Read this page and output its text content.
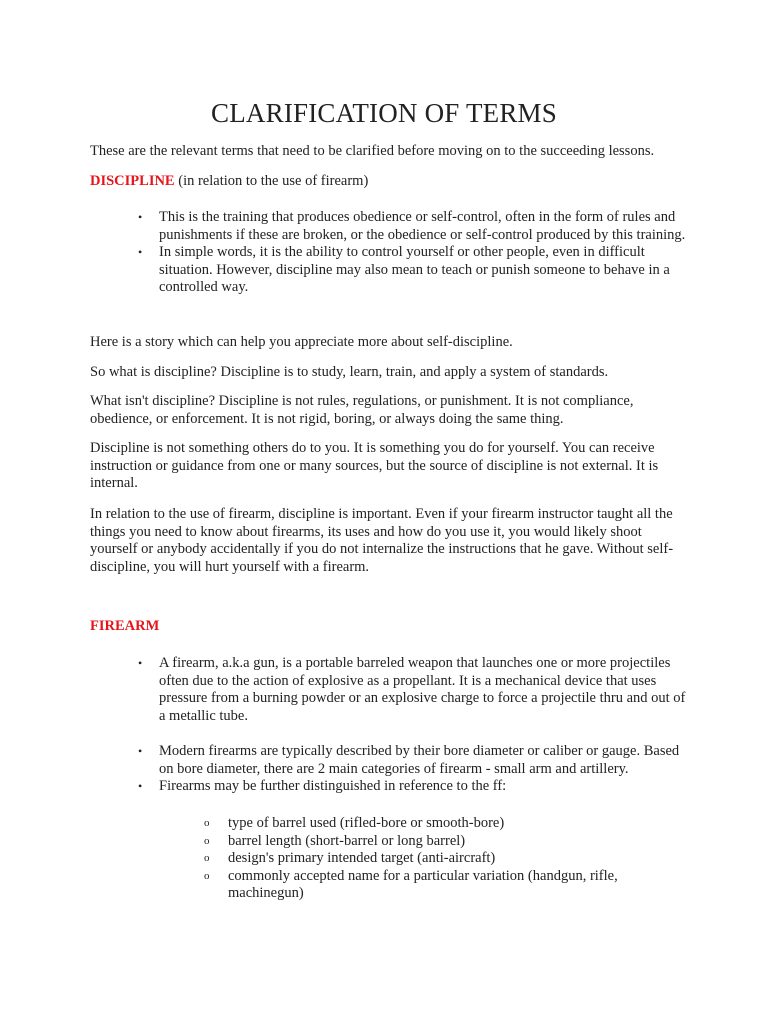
CLARIFICATION OF TERMS

These are the relevant terms that need to be clarified before moving on to the succeeding lessons.

DISCIPLINE (in relation to the use of firearm)

• This is the training that produces obedience or self-control, often in the form of rules and punishments if these are broken, or the obedience or self-control produced by this training.
• In simple words, it is the ability to control yourself or other people, even in difficult situation. However, discipline may also mean to teach or punish someone to behave in a controlled way.

Here is a story which can help you appreciate more about self-discipline.

So what is discipline? Discipline is to study, learn, train, and apply a system of standards.

What isn't discipline? Discipline is not rules, regulations, or punishment. It is not compliance, obedience, or enforcement. It is not rigid, boring, or always doing the same thing.

Discipline is not something others do to you. It is something you do for yourself. You can receive instruction or guidance from one or many sources, but the source of discipline is not external. It is internal.

In relation to the use of firearm, discipline is important. Even if your firearm instructor taught all the things you need to know about firearms, its uses and how do you use it, you would likely shoot yourself or anybody accidentally if you do not internalize the instructions that he gave. Without self-discipline, you will hurt yourself with a firearm.

FIREARM

• A firearm, a.k.a gun, is a portable barreled weapon that launches one or more projectiles often due to the action of explosive as a propellant. It is a mechanical device that uses pressure from a burning powder or an explosive charge to force a projectile thru and out of a metallic tube.
• Modern firearms are typically described by their bore diameter or caliber or gauge. Based on bore diameter, there are 2 main categories of firearm - small arm and artillery.
• Firearms may be further distinguished in reference to the ff:
o type of barrel used (rifled-bore or smooth-bore)
o barrel length (short-barrel or long barrel)
o design's primary intended target (anti-aircraft)
o commonly accepted name for a particular variation (handgun, rifle, machinegun)
